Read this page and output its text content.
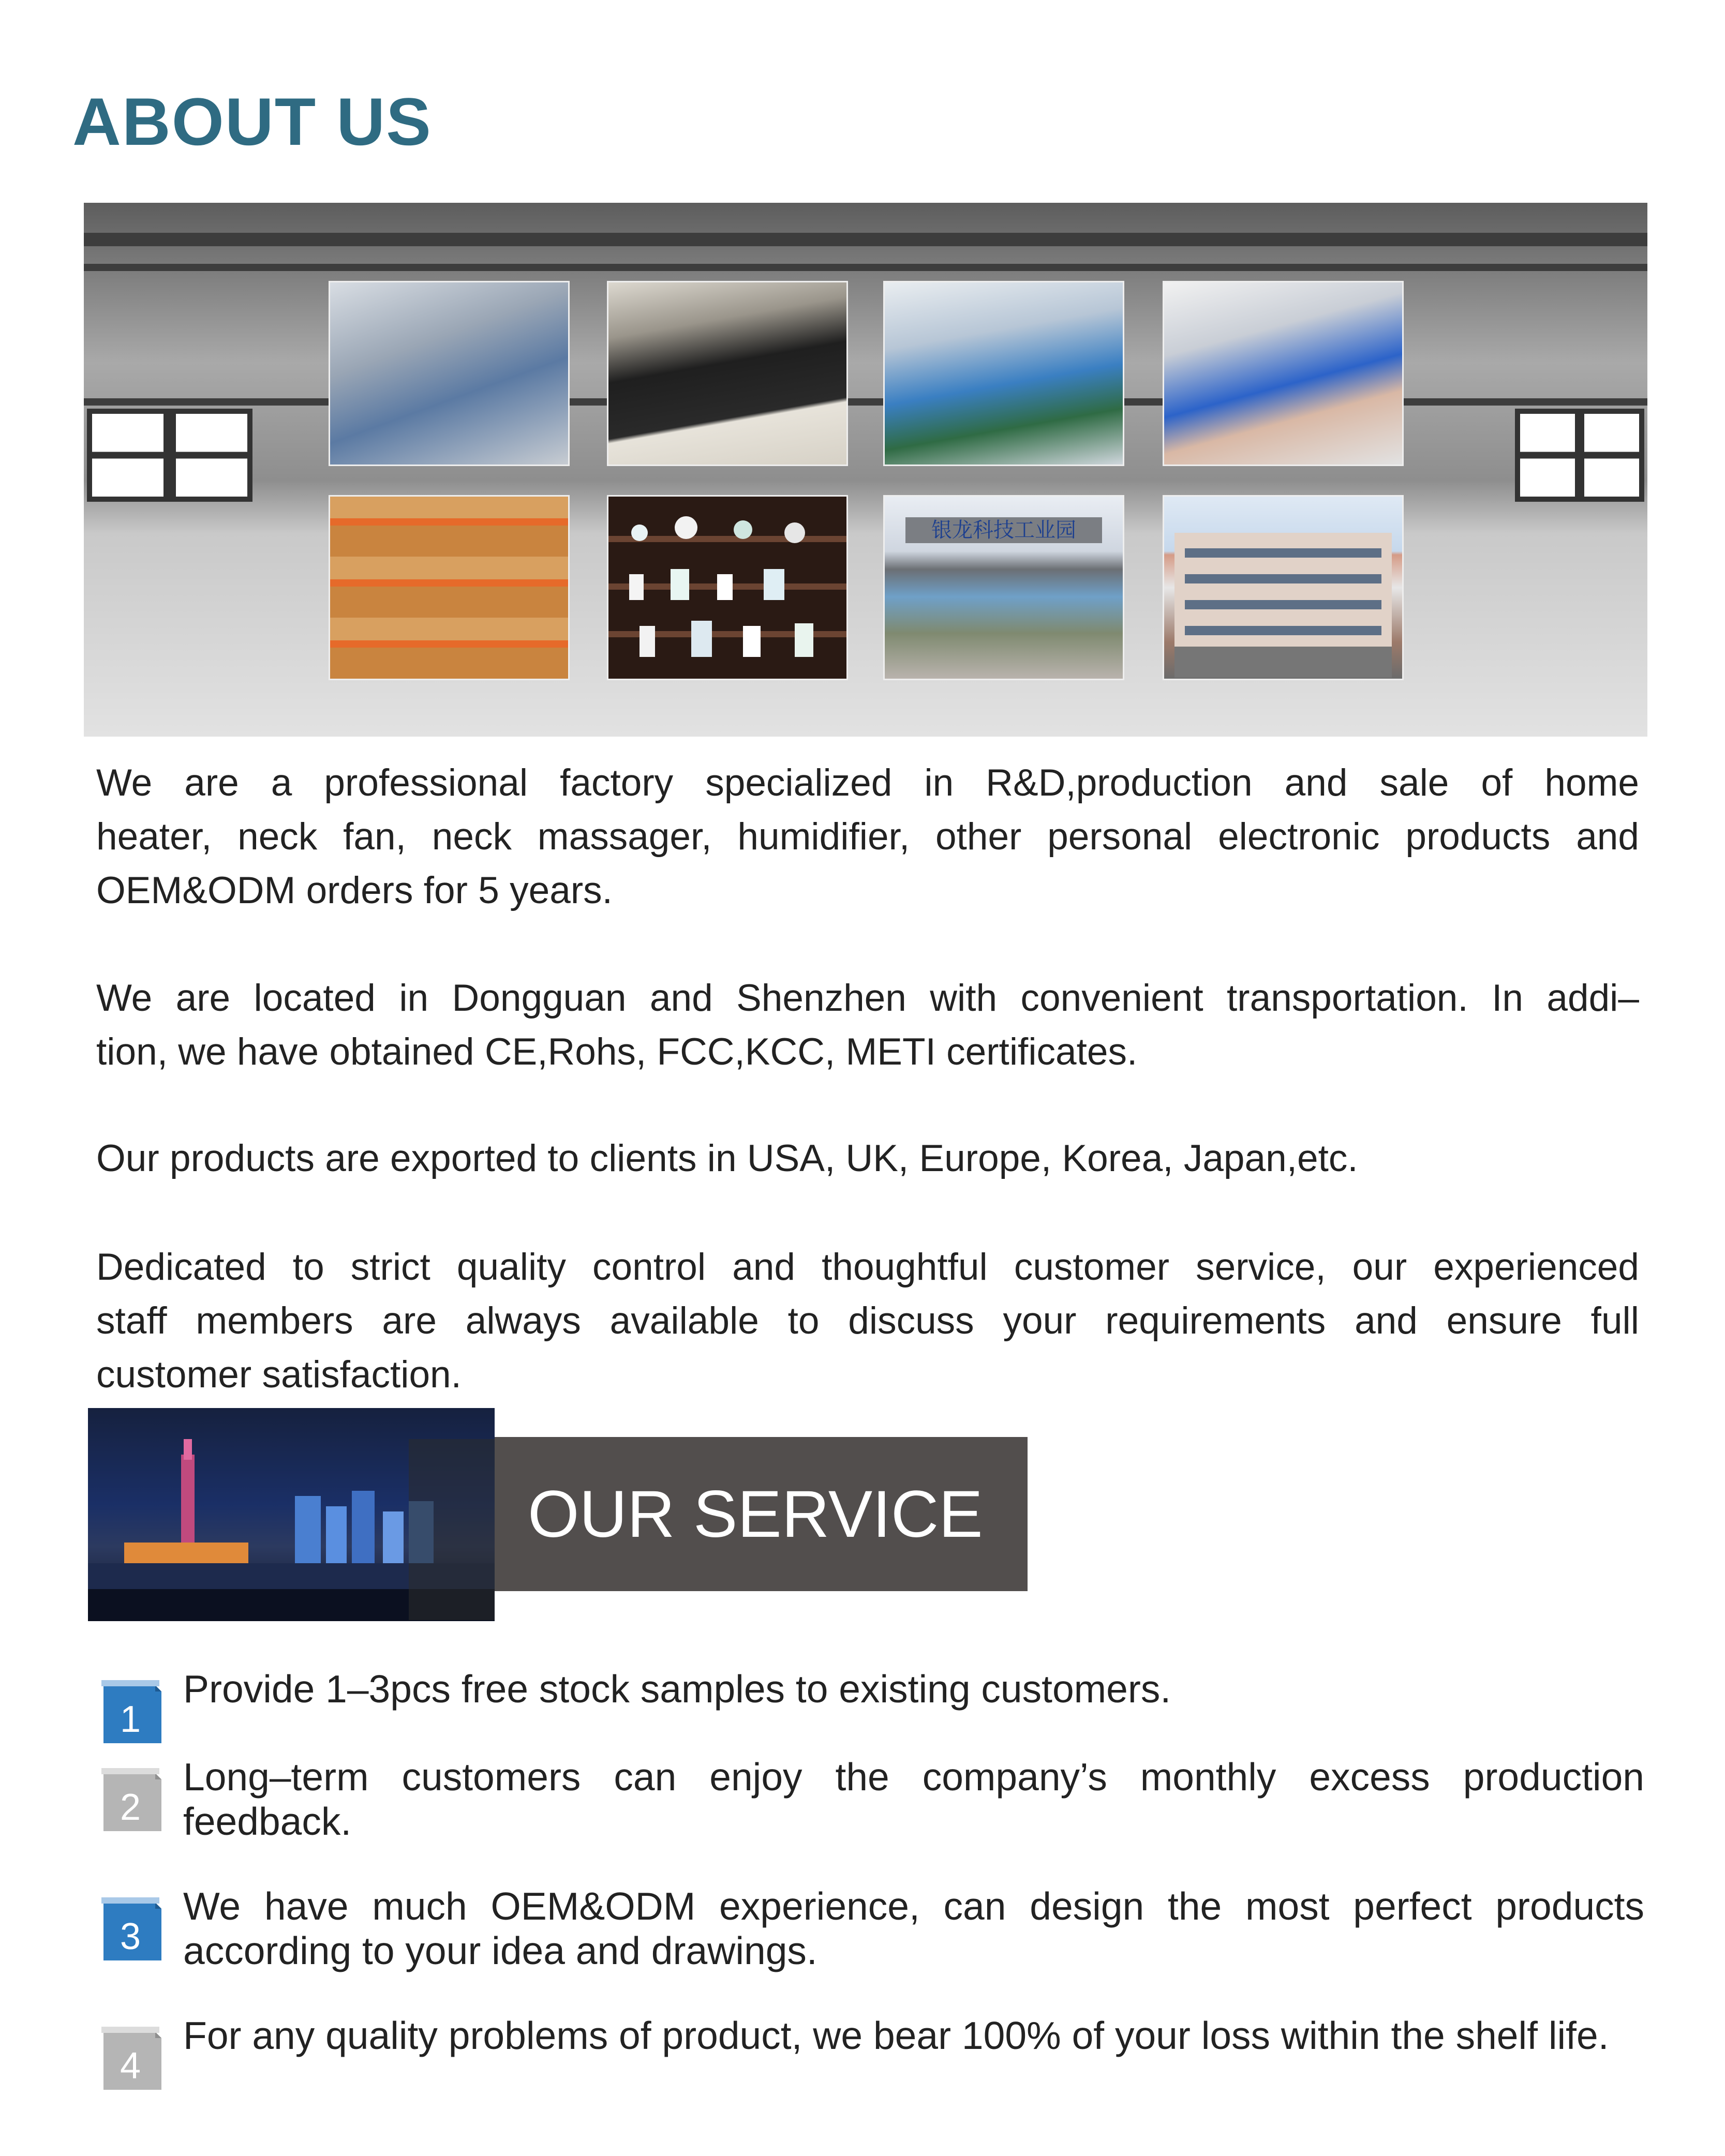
ABOUT US
银龙科技工业园
We are a professional factory specialized in R&D,production and sale of home
heater, neck fan, neck massager, humidifier, other personal electronic products and
OEM&ODM orders for 5 years.
We are located in Dongguan and Shenzhen with convenient transportation. In addi–
tion, we have obtained CE,Rohs, FCC,KCC, METI certificates.
Our products are exported to clients in USA, UK, Europe, Korea, Japan,etc.
Dedicated to strict quality control and thoughtful customer service, our experienced
staff members are always available to discuss your requirements and ensure full
customer satisfaction.
OUR SERVICE
1
Provide 1–3pcs free stock samples to existing customers.
2
Long–term customers can enjoy the company’s monthly excess production feedback.
3
We have much OEM&ODM experience, can design the most perfect products according to your idea and drawings.
4
For any quality problems of product, we bear 100% of your loss within the shelf life.
